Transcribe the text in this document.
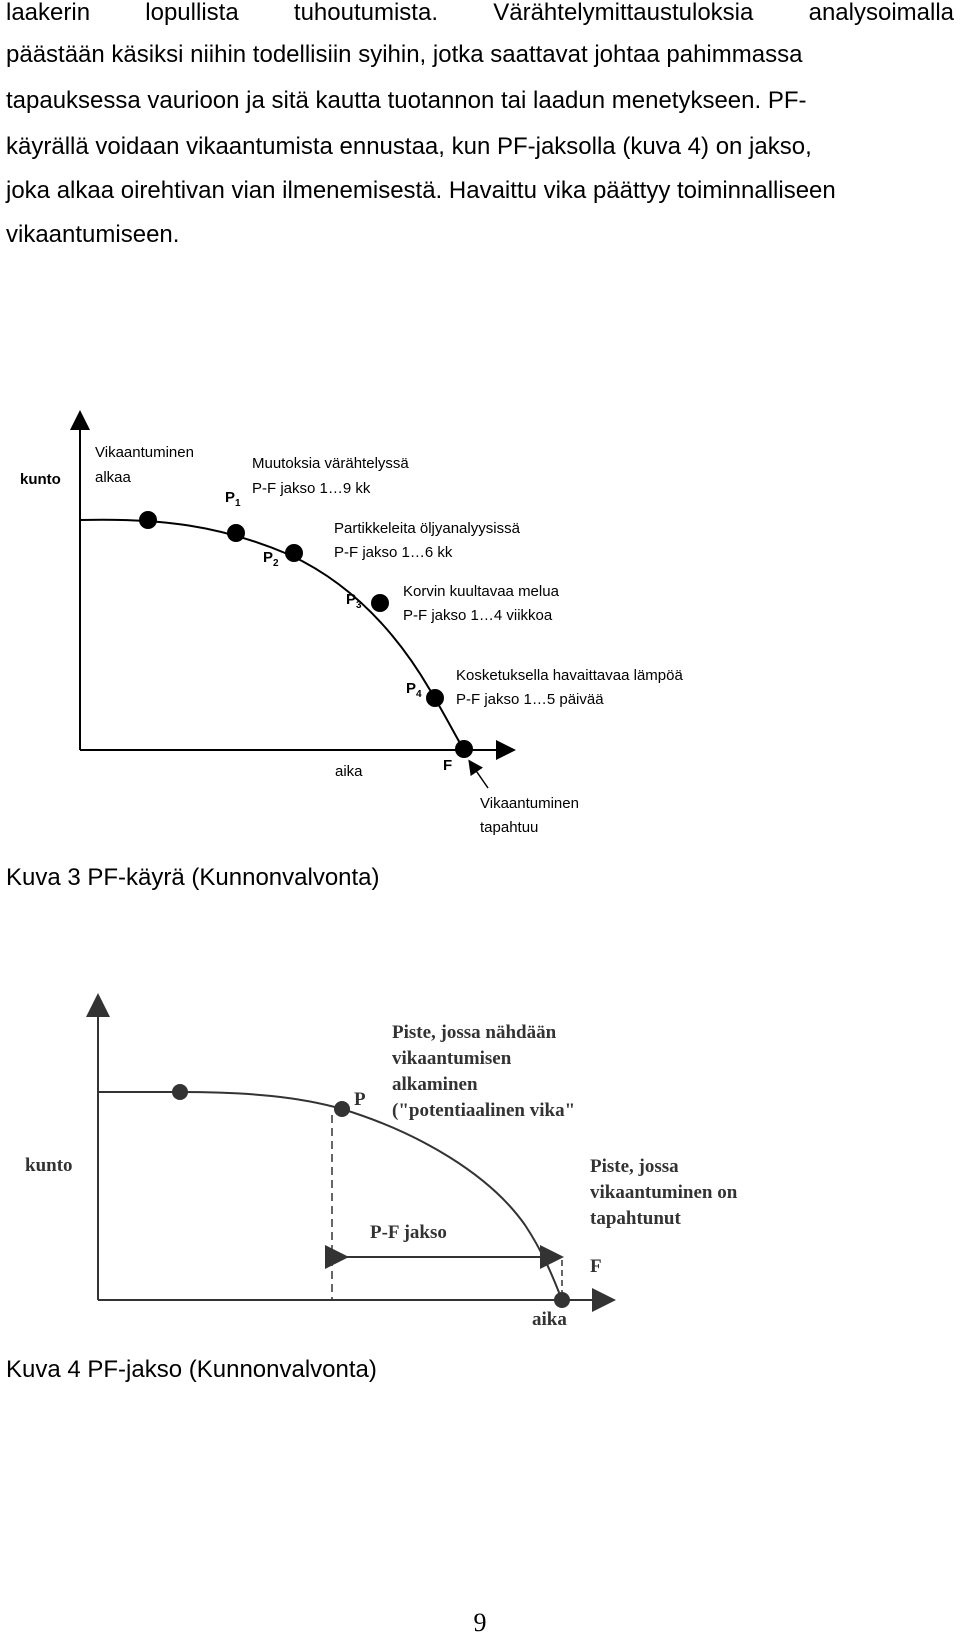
laakerin lopullista tuhoutumista. Värähtelymittaustuloksia analysoimalla
päästään käsiksi niihin todellisiin syihin, jotka saattavat johtaa pahimmassa
tapauksessa vaurioon ja sitä kautta tuotannon tai laadun menetykseen. PF-
käyrällä voidaan vikaantumista ennustaa, kun PF-jaksolla (kuva 4) on jakso,
joka alkaa oirehtivan vian ilmenemisestä. Havaittu vika päättyy toiminnalliseen
vikaantumiseen.
kunto
Vikaantuminen
alkaa
$P_1$
Muutoksia värähtelyssä
P-F jakso 1…9 kk
$P_2$
Partikkeleita öljyanalyysissä
P-F jakso 1…6 kk
$P_3$
Korvin kuultavaa melua
P-F jakso 1…4 viikkoa
$P_4$
Kosketuksella havaittavaa lämpöä
P-F jakso 1…5 päivää
aika	F
Vikaantuminen
tapahtuu
Kuva 3 PF-käyrä (Kunnonvalvonta)
kunto
P
Piste, jossa nähdään
vikaantumisen
alkaminen
("potentiaalinen vika"
Piste, jossa
vikaantuminen on
tapahtunut
P-F jakso
F
aika
Kuva 4 PF-jakso (Kunnonvalvonta)
9
